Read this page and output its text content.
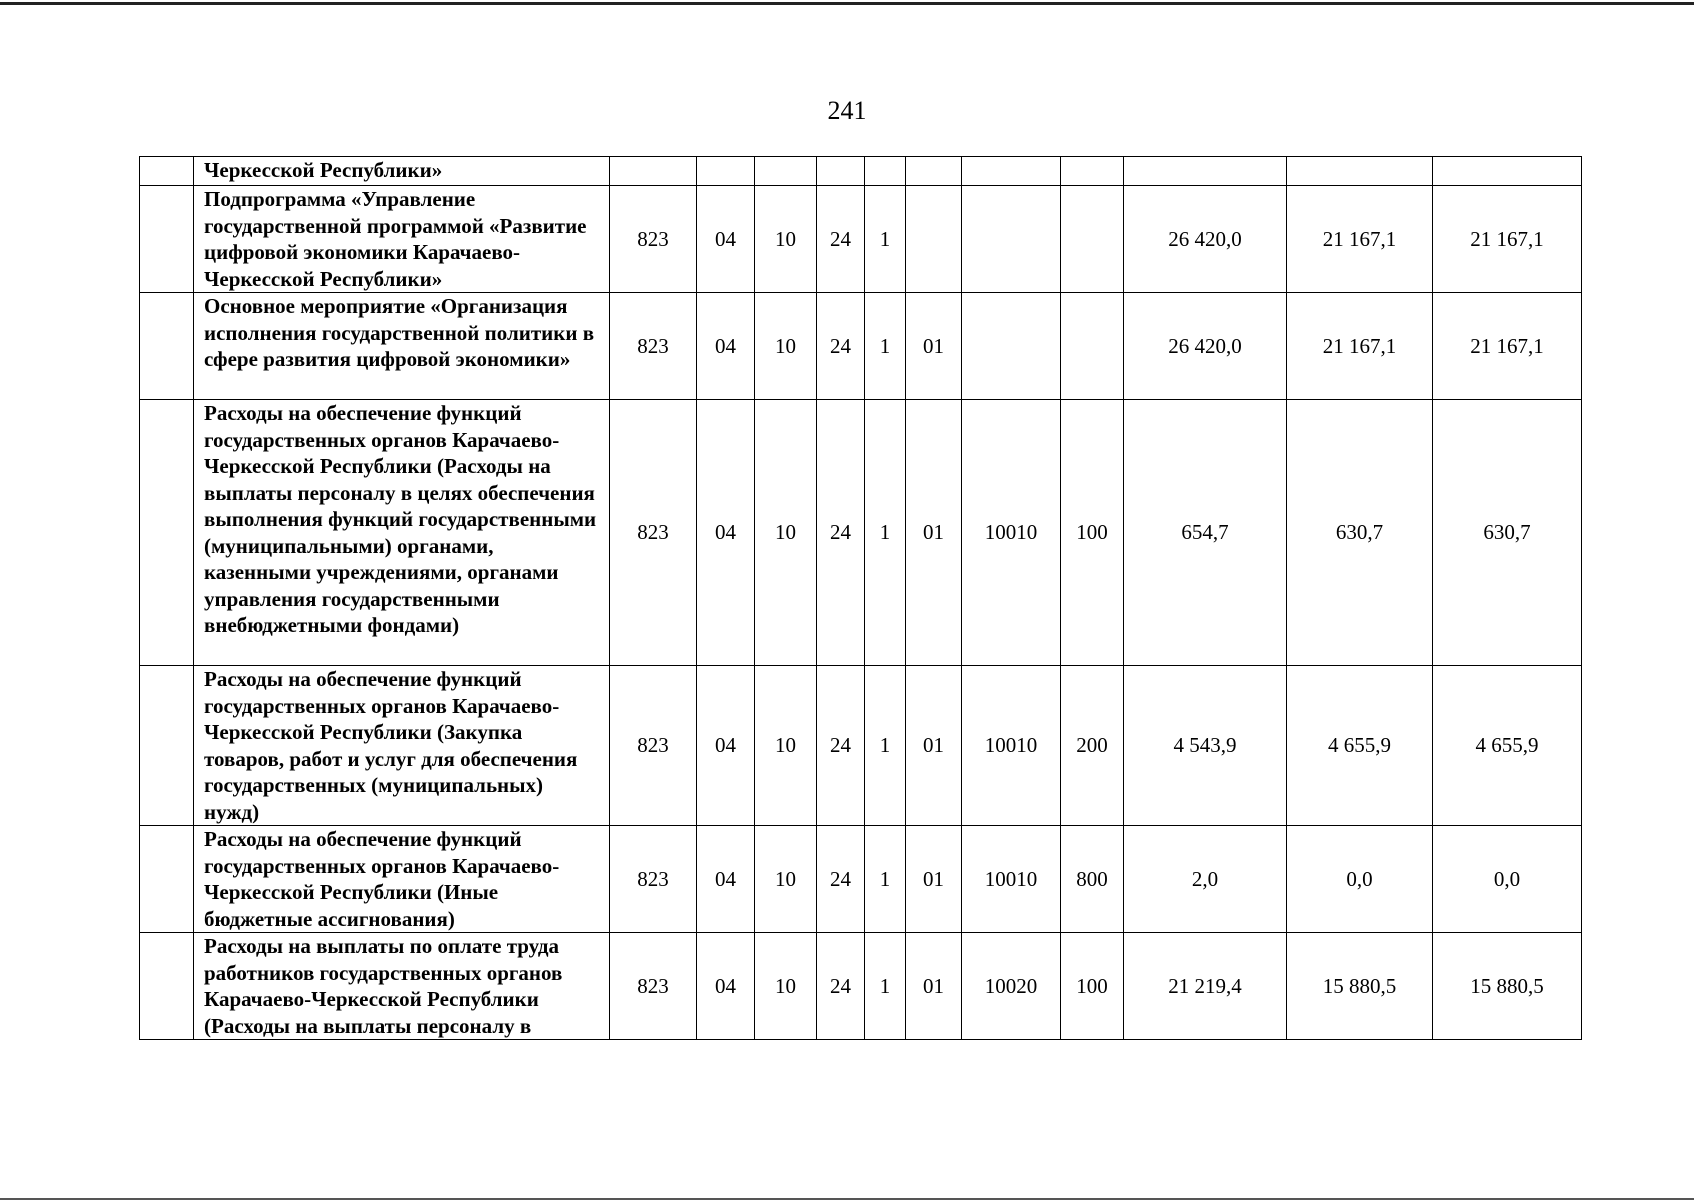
241
	Черкесской Республики»											
	Подпрограмма «Управление государственной программой «Развитие цифровой экономики Карачаево-Черкесской Республики»	823	04	10	24	1				26 420,0	21 167,1	21 167,1
	Основное мероприятие «Организация исполнения государственной политики в сфере развития цифровой экономики»	823	04	10	24	1	01			26 420,0	21 167,1	21 167,1
	Расходы на обеспечение функций государственных органов Карачаево-Черкесской Республики (Расходы на выплаты персоналу в целях обеспечения выполнения функций государственными (муниципальными) органами, казенными учреждениями, органами управления государственными внебюджетными фондами)	823	04	10	24	1	01	10010	100	654,7	630,7	630,7
	Расходы на обеспечение функций государственных органов Карачаево-Черкесской Республики (Закупка товаров, работ и услуг для обеспечения государственных (муниципальных) нужд)	823	04	10	24	1	01	10010	200	4 543,9	4 655,9	4 655,9
	Расходы на обеспечение функций государственных органов Карачаево-Черкесской Республики (Иные бюджетные ассигнования)	823	04	10	24	1	01	10010	800	2,0	0,0	0,0
	Расходы на выплаты по оплате труда работников государственных органов Карачаево-Черкесской Республики (Расходы на выплаты персоналу в	823	04	10	24	1	01	10020	100	21 219,4	15 880,5	15 880,5
